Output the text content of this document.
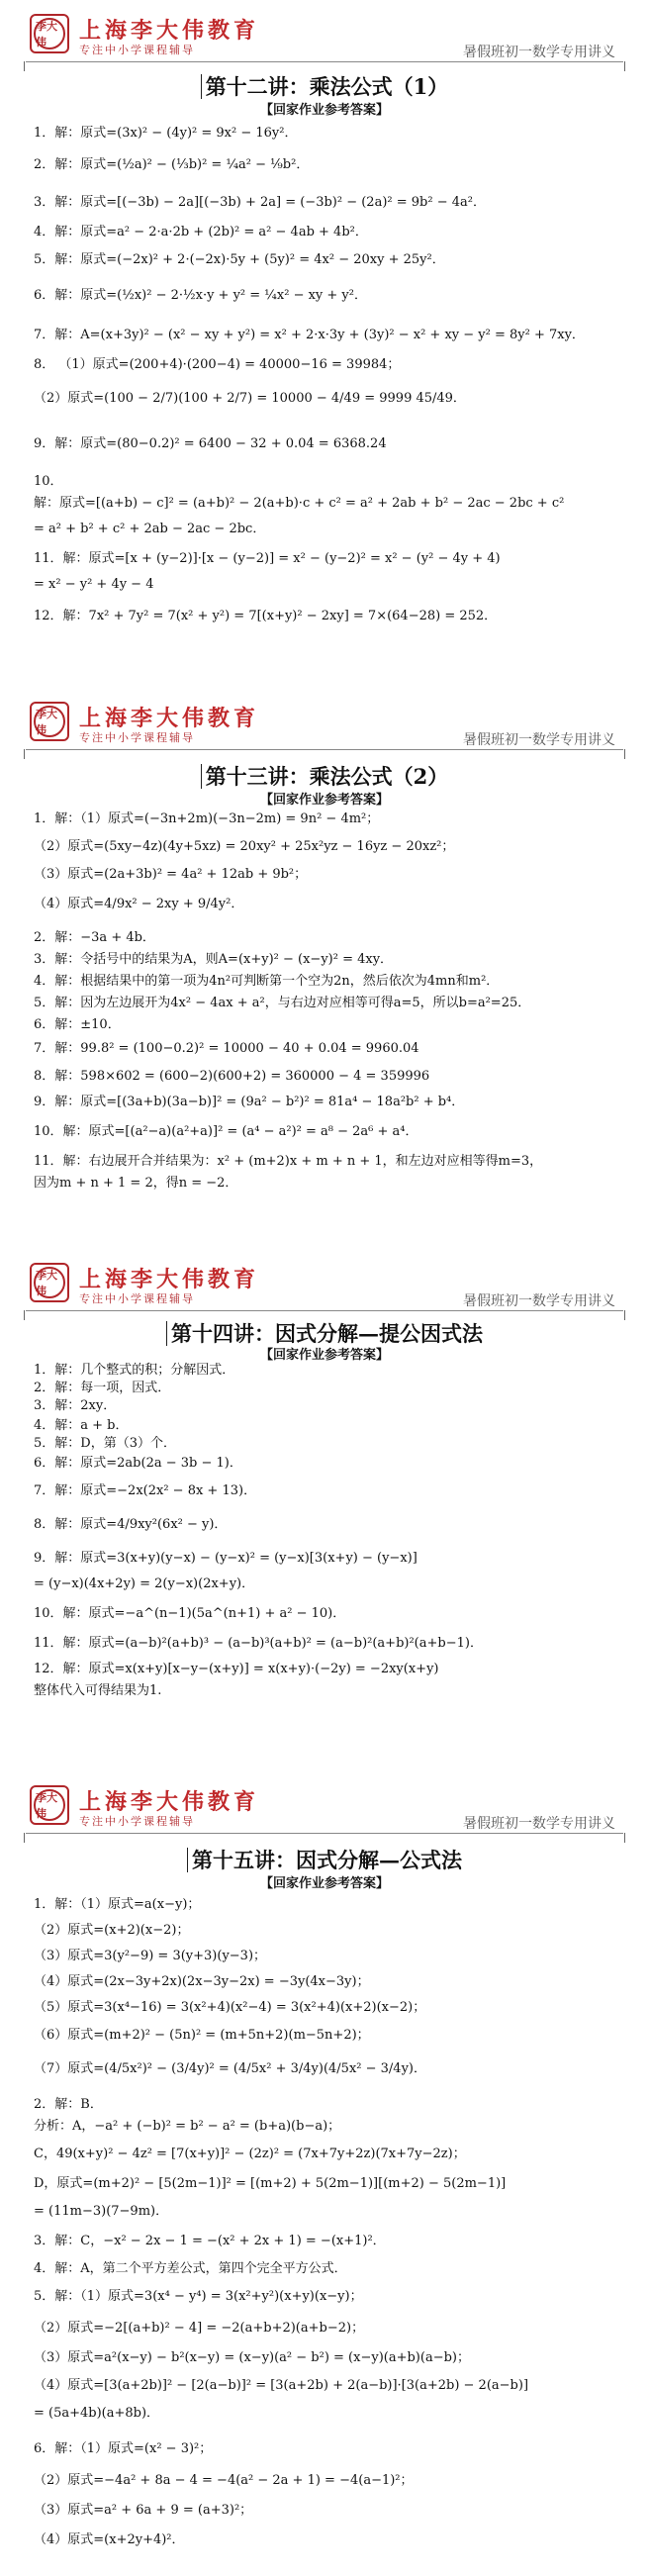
李大伟	上海李大伟教育
专注中小学课程辅导	暑假班初一数学专用讲义
第十二讲：乘法公式（1）
【回家作业参考答案】
1．解：原式=(3x)² − (4y)² = 9x² − 16y²．
2．解：原式=(½a)² − (⅓b)² = ¼a² − ⅑b²．
3．解：原式=[(−3b) − 2a][(−3b) + 2a] = (−3b)² − (2a)² = 9b² − 4a²．
4．解：原式=a² − 2·a·2b + (2b)² = a² − 4ab + 4b²．
5．解：原式=(−2x)² + 2·(−2x)·5y + (5y)² = 4x² − 20xy + 25y²．
6．解：原式=(½x)² − 2·½x·y + y² = ¼x² − xy + y²．
7．解：A=(x+3y)² − (x² − xy + y²) = x² + 2·x·3y + (3y)² − x² + xy − y² = 8y² + 7xy．
8． （1）原式=(200+4)·(200−4) = 40000−16 = 39984；
（2）原式=(100 − 2/7)(100 + 2/7) = 10000 − 4/49 = 9999 45/49．
9．解：原式=(80−0.2)² = 6400 − 32 + 0.04 = 6368.24
10．
解：原式=[(a+b) − c]² = (a+b)² − 2(a+b)·c + c² = a² + 2ab + b² − 2ac − 2bc + c²
= a² + b² + c² + 2ab − 2ac − 2bc．
11．解：原式=[x + (y−2)]·[x − (y−2)] = x² − (y−2)² = x² − (y² − 4y + 4)
= x² − y² + 4y − 4
12．解：7x² + 7y² = 7(x² + y²) = 7[(x+y)² − 2xy] = 7×(64−28) = 252．
李大伟	上海李大伟教育
专注中小学课程辅导	暑假班初一数学专用讲义
第十三讲：乘法公式（2）
【回家作业参考答案】
1．解：（1）原式=(−3n+2m)(−3n−2m) = 9n² − 4m²；
（2）原式=(5xy−4z)(4y+5xz) = 20xy² + 25x²yz − 16yz − 20xz²；
（3）原式=(2a+3b)² = 4a² + 12ab + 9b²；
（4）原式=4/9x² − 2xy + 9/4y²．
2．解：−3a + 4b．
3．解：令括号中的结果为A，则A=(x+y)² − (x−y)² = 4xy．
4．解：根据结果中的第一项为4n²可判断第一个空为2n，然后依次为4mn和m²．
5．解：因为左边展开为4x² − 4ax + a²，与右边对应相等可得a=5，所以b=a²=25．
6．解：±10．
7．解：99.8² = (100−0.2)² = 10000 − 40 + 0.04 = 9960.04
8．解：598×602 = (600−2)(600+2) = 360000 − 4 = 359996
9．解：原式=[(3a+b)(3a−b)]² = (9a² − b²)² = 81a⁴ − 18a²b² + b⁴．
10．解：原式=[(a²−a)(a²+a)]² = (a⁴ − a²)² = a⁸ − 2a⁶ + a⁴．
11．解：右边展开合并结果为：x² + (m+2)x + m + n + 1，和左边对应相等得m=3，
因为m + n + 1 = 2，得n = −2．
李大伟	上海李大伟教育
专注中小学课程辅导	暑假班初一数学专用讲义
第十四讲：因式分解—提公因式法
【回家作业参考答案】
1．解：几个整式的积；分解因式．
2．解：每一项，因式．
3．解：2xy．
4．解：a + b．
5．解：D，第（3）个．
6．解：原式=2ab(2a − 3b − 1)．
7．解：原式=−2x(2x² − 8x + 13)．
8．解：原式=4/9xy²(6x² − y)．
9．解：原式=3(x+y)(y−x) − (y−x)² = (y−x)[3(x+y) − (y−x)]
= (y−x)(4x+2y) = 2(y−x)(2x+y)．
10．解：原式=−a^(n−1)(5a^(n+1) + a² − 10)．
11．解：原式=(a−b)²(a+b)³ − (a−b)³(a+b)² = (a−b)²(a+b)²(a+b−1)．
12．解：原式=x(x+y)[x−y−(x+y)] = x(x+y)·(−2y) = −2xy(x+y)
整体代入可得结果为1.
李大伟	上海李大伟教育
专注中小学课程辅导	暑假班初一数学专用讲义
第十五讲：因式分解—公式法
【回家作业参考答案】
1．解：（1）原式=a(x−y)；
（2）原式=(x+2)(x−2)；
（3）原式=3(y²−9) = 3(y+3)(y−3)；
（4）原式=(2x−3y+2x)(2x−3y−2x) = −3y(4x−3y)；
（5）原式=3(x⁴−16) = 3(x²+4)(x²−4) = 3(x²+4)(x+2)(x−2)；
（6）原式=(m+2)² − (5n)² = (m+5n+2)(m−5n+2)；
（7）原式=(4/5x²)² − (3/4y)² = (4/5x² + 3/4y)(4/5x² − 3/4y)．
2．解：B．
分析：A，−a² + (−b)² = b² − a² = (b+a)(b−a)；
C，49(x+y)² − 4z² = [7(x+y)]² − (2z)² = (7x+7y+2z)(7x+7y−2z)；
D，原式=(m+2)² − [5(2m−1)]² = [(m+2) + 5(2m−1)][(m+2) − 5(2m−1)]
= (11m−3)(7−9m)．
3．解：C，−x² − 2x − 1 = −(x² + 2x + 1) = −(x+1)²．
4．解：A，第二个平方差公式，第四个完全平方公式．
5．解：（1）原式=3(x⁴ − y⁴) = 3(x²+y²)(x+y)(x−y)；
（2）原式=−2[(a+b)² − 4] = −2(a+b+2)(a+b−2)；
（3）原式=a²(x−y) − b²(x−y) = (x−y)(a² − b²) = (x−y)(a+b)(a−b)；
（4）原式=[3(a+2b)]² − [2(a−b)]² = [3(a+2b) + 2(a−b)]·[3(a+2b) − 2(a−b)]
= (5a+4b)(a+8b)．
6．解：（1）原式=(x² − 3)²；
（2）原式=−4a² + 8a − 4 = −4(a² − 2a + 1) = −4(a−1)²；
（3）原式=a² + 6a + 9 = (a+3)²；
（4）原式=(x+2y+4)²．
